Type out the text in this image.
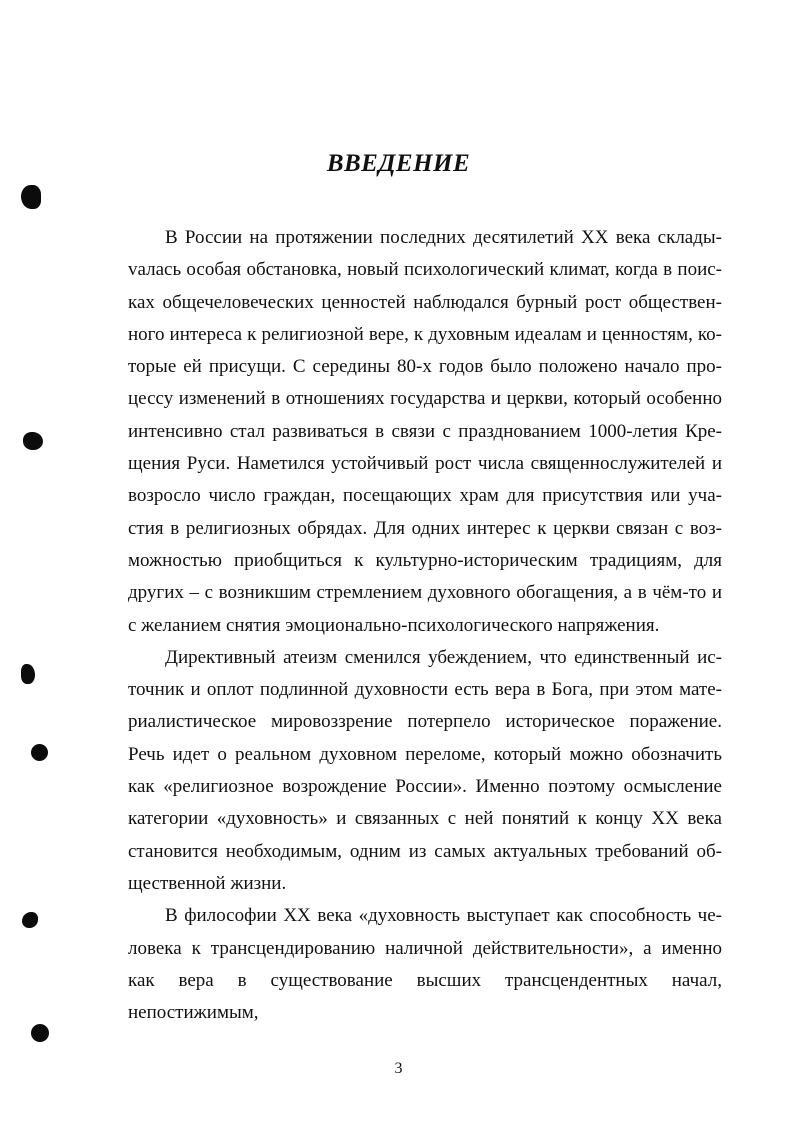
ВВЕДЕНИЕ

В России на протяжении последних десятилетий XX века складыvалась особая обстановка, новый психологический климат, когда в поисках общечеловеческих ценностей наблюдался бурный рост общественного интереса к религиозной вере, к духовным идеалам и ценностям, которые ей присущи. С середины 80-х годов было положено начало процессу изменений в отношениях государства и церкви, который особенно интенсивно стал развиваться в связи с празднованием 1000-летия Крещения Руси. Наметился устойчивый рост числа священнослужителей и возросло число граждан, посещающих храм для присутствия или участия в религиозных обрядах. Для одних интерес к церкви связан с возможностью приобщиться к культурно-историческим традициям, для других – с возникшим стремлением духовного обогащения, а в чём-то и с желанием снятия эмоционально-психологического напряжения.

Директивный атеизм сменился убеждением, что единственный источник и оплот подлинной духовности есть вера в Бога, при этом материалистическое мировоззрение потерпело историческое поражение. Речь идет о реальном духовном переломе, который можно обозначить как «религиозное возрождение России». Именно поэтому осмысление категории «духовность» и связанных с ней понятий к концу XX века становится необходимым, одним из самых актуальных требований общественной жизни.

В философии XX века «духовность выступает как способность человека к трансцендированию наличной действительности», а именно как вера в существование высших трансцендентных начал, непостижимым,

3
